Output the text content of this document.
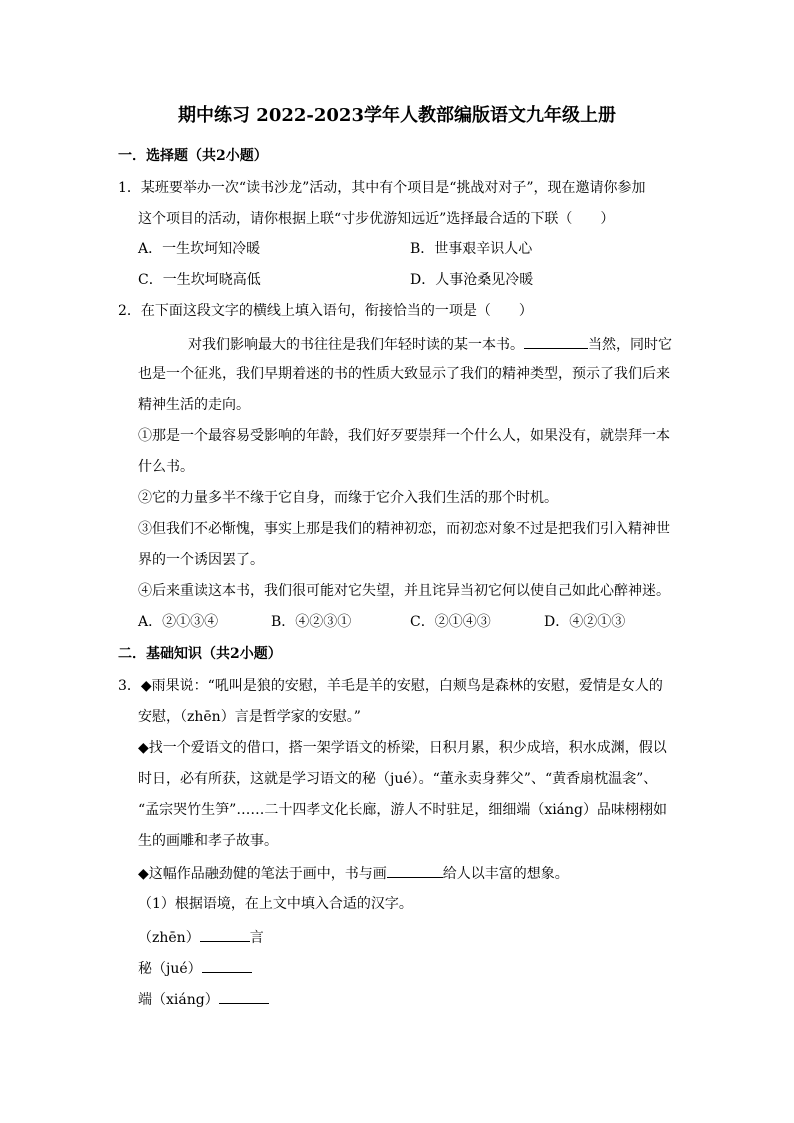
期中练习 2022-2023学年人教部编版语文九年级上册
一．选择题（共2小题）
1．某班要举办一次“读书沙龙”活动，其中有个项目是“挑战对对子”，现在邀请你参加
这个项目的活动，请你根据上联“寸步优游知远近”选择最合适的下联（　　）
A．一生坎坷知冷暖	B．世事艰辛识人心
C．一生坎坷晓高低	D．人事沧桑见冷暖
2．在下面这段文字的横线上填入语句，衔接恰当的一项是（　　）
对我们影响最大的书往往是我们年轻时读的某一本书。	当然，同时它
也是一个征兆，我们早期着迷的书的性质大致显示了我们的精神类型，预示了我们后来
精神生活的走向。
①那是一个最容易受影响的年龄，我们好歹要崇拜一个什么人，如果没有，就崇拜一本
什么书。
②它的力量多半不缘于它自身，而缘于它介入我们生活的那个时机。
③但我们不必惭愧，事实上那是我们的精神初恋，而初恋对象不过是把我们引入精神世
界的一个诱因罢了。
④后来重读这本书，我们很可能对它失望，并且诧异当初它何以使自己如此心醉神迷。
A．②①③④	B．④②③①	C．②①④③	D．④②①③
二．基础知识（共2小题）
3．◆雨果说：“吼叫是狼的安慰，羊毛是羊的安慰，白颊鸟是森林的安慰，爱情是女人的
安慰，（zhēn）言是哲学家的安慰。”
◆找一个爱语文的借口，搭一架学语文的桥梁，日积月累，积少成培，积水成渊，假以
时日，必有所获，这就是学习语文的秘（jué）。“董永卖身葬父”、“黄香扇枕温衾”、
“孟宗哭竹生笋”……二十四孝文化长廊，游人不时驻足，细细端（xiáng）品味栩栩如
生的画雕和孝子故事。
◆这幅作品融劲健的笔法于画中，书与画	给人以丰富的想象。
（1）根据语境，在上文中填入合适的汉字。
（zhēn）	言
秘（jué）
端（xiáng）
